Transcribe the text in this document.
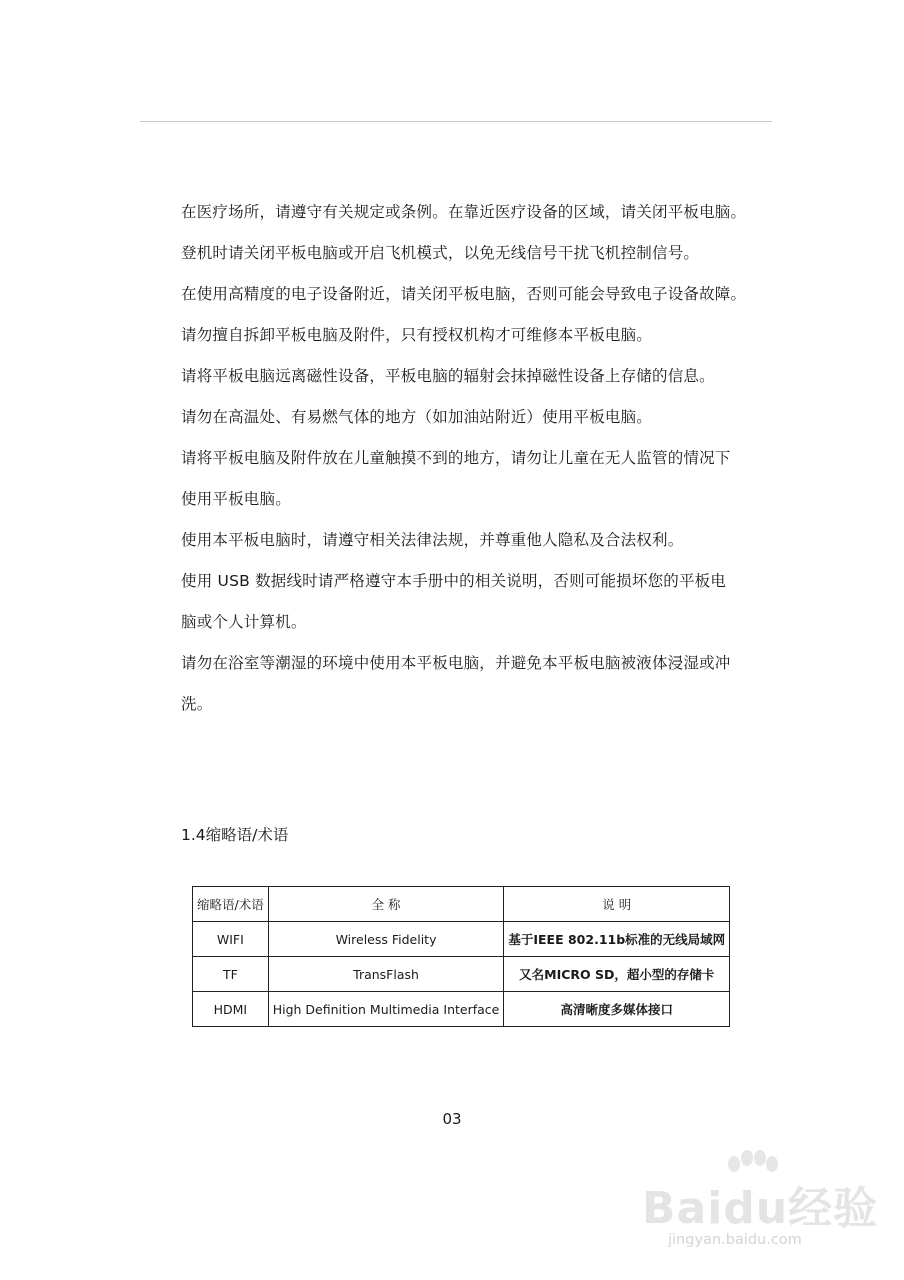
在医疗场所，请遵守有关规定或条例。在靠近医疗设备的区域，请关闭平板电脑。

登机时请关闭平板电脑或开启飞机模式，以免无线信号干扰飞机控制信号。

在使用高精度的电子设备附近，请关闭平板电脑，否则可能会导致电子设备故障。

请勿擅自拆卸平板电脑及附件，只有授权机构才可维修本平板电脑。

请将平板电脑远离磁性设备，平板电脑的辐射会抹掉磁性设备上存储的信息。

请勿在高温处、有易燃气体的地方（如加油站附近）使用平板电脑。

请将平板电脑及附件放在儿童触摸不到的地方，请勿让儿童在无人监管的情况下

使用平板电脑。

使用本平板电脑时，请遵守相关法律法规，并尊重他人隐私及合法权利。

使用 USB 数据线时请严格遵守本手册中的相关说明，否则可能损坏您的平板电

脑或个人计算机。

请勿在浴室等潮湿的环境中使用本平板电脑，并避免本平板电脑被液体浸湿或冲

洗。

1.4缩略语/术语
缩略语/术语	全 称	说 明
WIFI	Wireless Fidelity	基于IEEE 802.11b标准的无线局域网
TF	TransFlash	又名MICRO SD，超小型的存储卡
HDMI	High Definition Multimedia Interface	高清晰度多媒体接口
03
Baidu经验
jingyan.baidu.com
